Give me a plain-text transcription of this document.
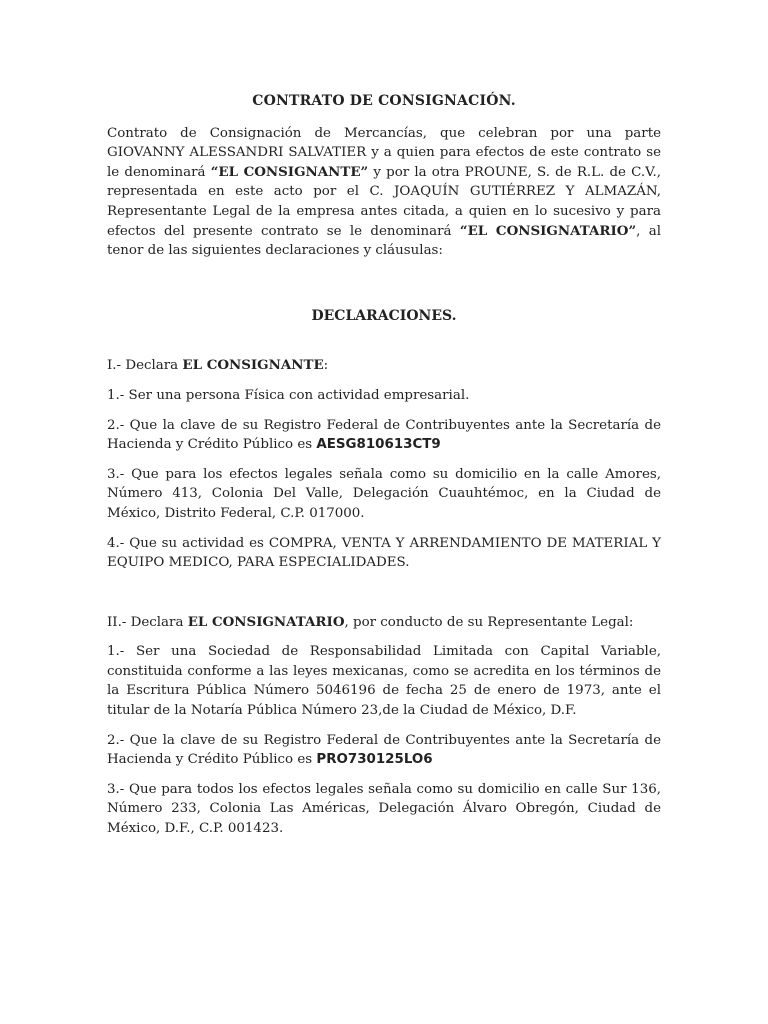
CONTRATO DE CONSIGNACIÓN.

Contrato de Consignación de Mercancías, que celebran por una parte GIOVANNY ALESSANDRI SALVATIER y a quien para efectos de este contrato se le denominará “EL CONSIGNANTE” y por la otra PROUNE, S. de R.L. de C.V., representada en este acto por el C. JOAQUÍN GUTIÉRREZ Y ALMAZÁN, Representante Legal de la empresa antes citada, a quien en lo sucesivo y para efectos del presente contrato se le denominará “EL CONSIGNATARIO”, al tenor de las siguientes declaraciones y cláusulas:

DECLARACIONES.

I.- Declara EL CONSIGNANTE:

1.- Ser una persona Física con actividad empresarial.

2.- Que la clave de su Registro Federal de Contribuyentes ante la Secretaría de Hacienda y Crédito Público es AESG810613CT9

3.- Que para los efectos legales señala como su domicilio en la calle Amores, Número 413, Colonia Del Valle, Delegación Cuauhtémoc, en la Ciudad de México, Distrito Federal, C.P. 017000.

4.- Que su actividad es COMPRA, VENTA Y ARRENDAMIENTO DE MATERIAL Y EQUIPO MEDICO, PARA ESPECIALIDADES.

II.- Declara EL CONSIGNATARIO, por conducto de su Representante Legal:

1.- Ser una Sociedad de Responsabilidad Limitada con Capital Variable, constituida conforme a las leyes mexicanas, como se acredita en los términos de la Escritura Pública Número 5046196 de fecha 25 de enero de 1973, ante el titular de la Notaría Pública Número 23,de la Ciudad de México, D.F.

2.- Que la clave de su Registro Federal de Contribuyentes ante la Secretaría de Hacienda y Crédito Público es PRO730125LO6

3.- Que para todos los efectos legales señala como su domicilio en calle Sur 136, Número 233, Colonia Las Américas, Delegación Álvaro Obregón, Ciudad de México, D.F., C.P. 001423.
